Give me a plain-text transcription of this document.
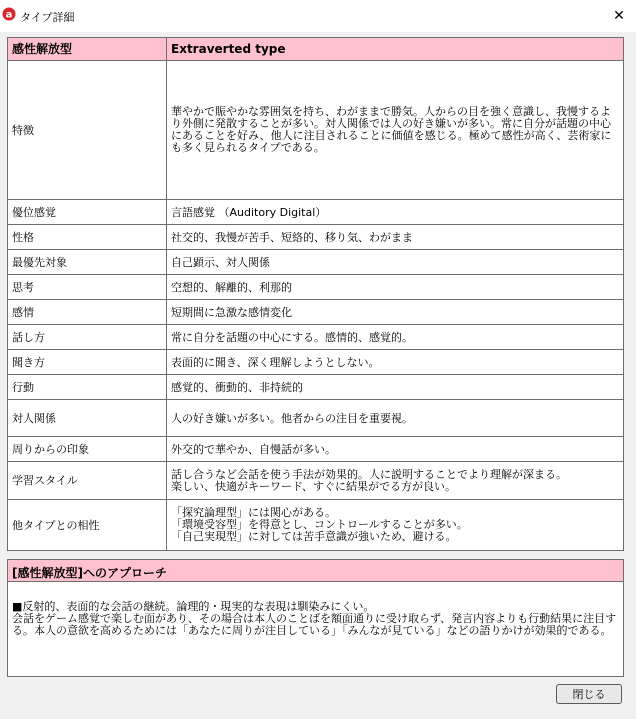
a タイプ詳細	✕
感性解放型	Extraverted type
特徴	華やかで賑やかな雰囲気を持ち、わがままで勝気。人からの目を強く意識し、我慢するより外側に発散することが多い。対人関係では人の好き嫌いが多い。常に自分が話題の中心にあることを好み、他人に注目されることに価値を感じる。極めて感性が高く、芸術家にも多く見られるタイプである。
優位感覚	言語感覚 （Auditory Digital）
性格	社交的、我慢が苦手、短絡的、移り気、わがまま
最優先対象	自己顕示、対人関係
思考	空想的、解離的、利那的
感情	短期間に急激な感情変化
話し方	常に自分を話題の中心にする。感情的、感覚的。
聞き方	表面的に聞き、深く理解しようとしない。
行動	感覚的、衝動的、非持続的
対人関係	人の好き嫌いが多い。他者からの注目を重要視。
周りからの印象	外交的で華やか、自慢話が多い。
学習スタイル	話し合うなど会話を使う手法が効果的。人に説明することでより理解が深まる。
楽しい、快適がキーワード、すぐに結果がでる方が良い。
他タイプとの相性	「探究論理型」には関心がある。
「環境受容型」を得意とし、コントロールすることが多い。
「自己実現型」に対しては苦手意識が強いため、避ける。
[感性解放型]へのアプローチ
■反射的、表面的な会話の継続。論理的・現実的な表現は馴染みにくい。
会話をゲーム感覚で楽しむ面があり、その場合は本人のことばを額面通りに受け取らず、発言内容よりも行動結果に注目する。本人の意欲を高めるためには「あなたに周りが注目している」「みんなが見ている」などの語りかけが効果的である。
閉じる
